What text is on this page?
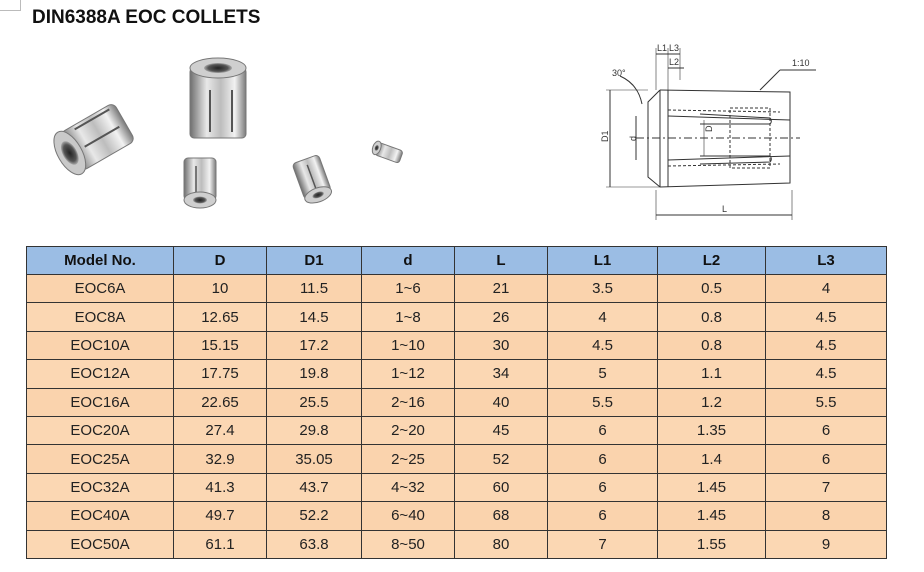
DIN6388A EOC COLLETS
30°
L1 L3
L2	1:10
D1 d
D
L
Model No.	D	D1	d	L	L1	L2	L3
EOC6A	10	11.5	1~6	21	3.5	0.5	4
EOC8A	12.65	14.5	1~8	26	4	0.8	4.5
EOC10A	15.15	17.2	1~10	30	4.5	0.8	4.5
EOC12A	17.75	19.8	1~12	34	5	1.1	4.5
EOC16A	22.65	25.5	2~16	40	5.5	1.2	5.5
EOC20A	27.4	29.8	2~20	45	6	1.35	6
EOC25A	32.9	35.05	2~25	52	6	1.4	6
EOC32A	41.3	43.7	4~32	60	6	1.45	7
EOC40A	49.7	52.2	6~40	68	6	1.45	8
EOC50A	61.1	63.8	8~50	80	7	1.55	9
